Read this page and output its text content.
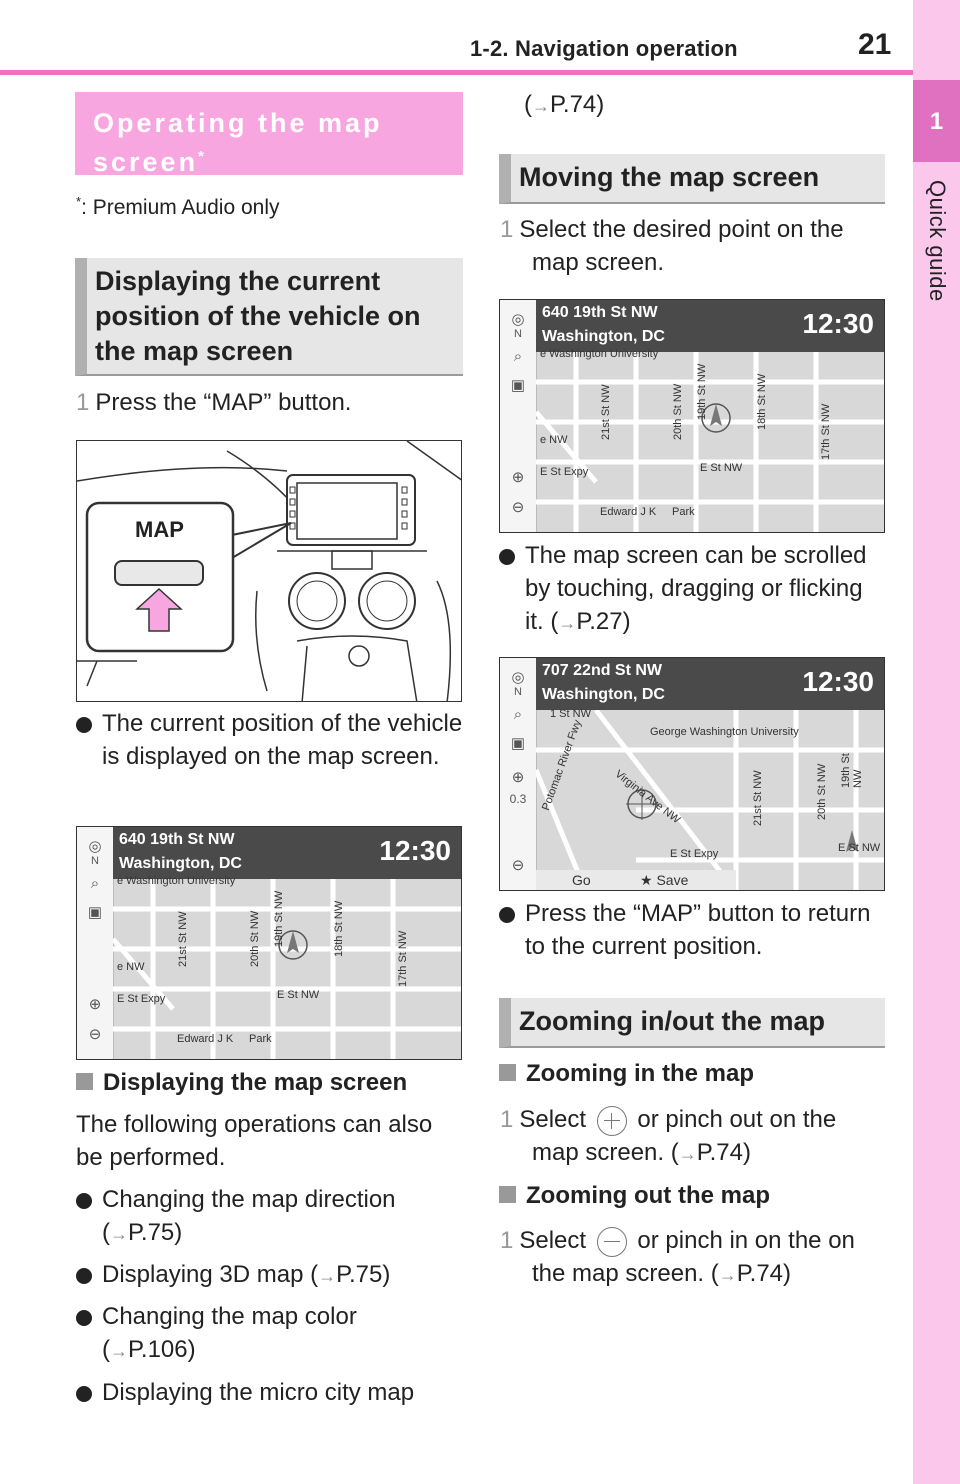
1-2. Navigation operation	21
1
Quick guide
Operating the map screen*
*: Premium Audio only
Displaying the current position of the vehicle on the map screen
1 Press the “MAP” button.
MAP
The current position of the vehicle is displayed on the map screen.
◎
N
⌕
▣
⊕
⊖
640 19th St NW
Washington, DC	12:30
e Washington University
21st St NW	20th St NW 19th St NW	18th St NW
17th St NW
E St NW
E St Expy
Edward J K Park
e NW
Displaying the map screen
The following operations can also be performed.
Changing the map direction (→P.75)
Displaying 3D map (→P.75)
Changing the map color (→P.106)
Displaying the micro city map
(→P.74)
Moving the map screen
1 Select the desired point on the map screen.
◎
N
⌕
▣
⊕
⊖
640 19th St NW
Washington, DC	12:30
e Washington University
21st St NW	20th St NW 19th St NW	18th St NW
17th St NW
E St NW
E St Expy
Edward J K Park
e NW
The map screen can be scrolled by touching, dragging or flicking it. (→P.27)
◎
N
⌕
▣
⊕
0.3
⊖
707 22nd St NW
Washington, DC	12:30
George Washington University
Virginia Ave NW
Potomac River Fwy	21st St NW	20th St NW 19th St NW
E St Expy	E St NW
Go	★ Save
1 St NW
Press the “MAP” button to return to the current position.
Zooming in/out the map
Zooming in the map
1 Select or pinch out on the map screen. (→P.74)
Zooming out the map
1 Select or pinch in on the on the map screen. (→P.74)
